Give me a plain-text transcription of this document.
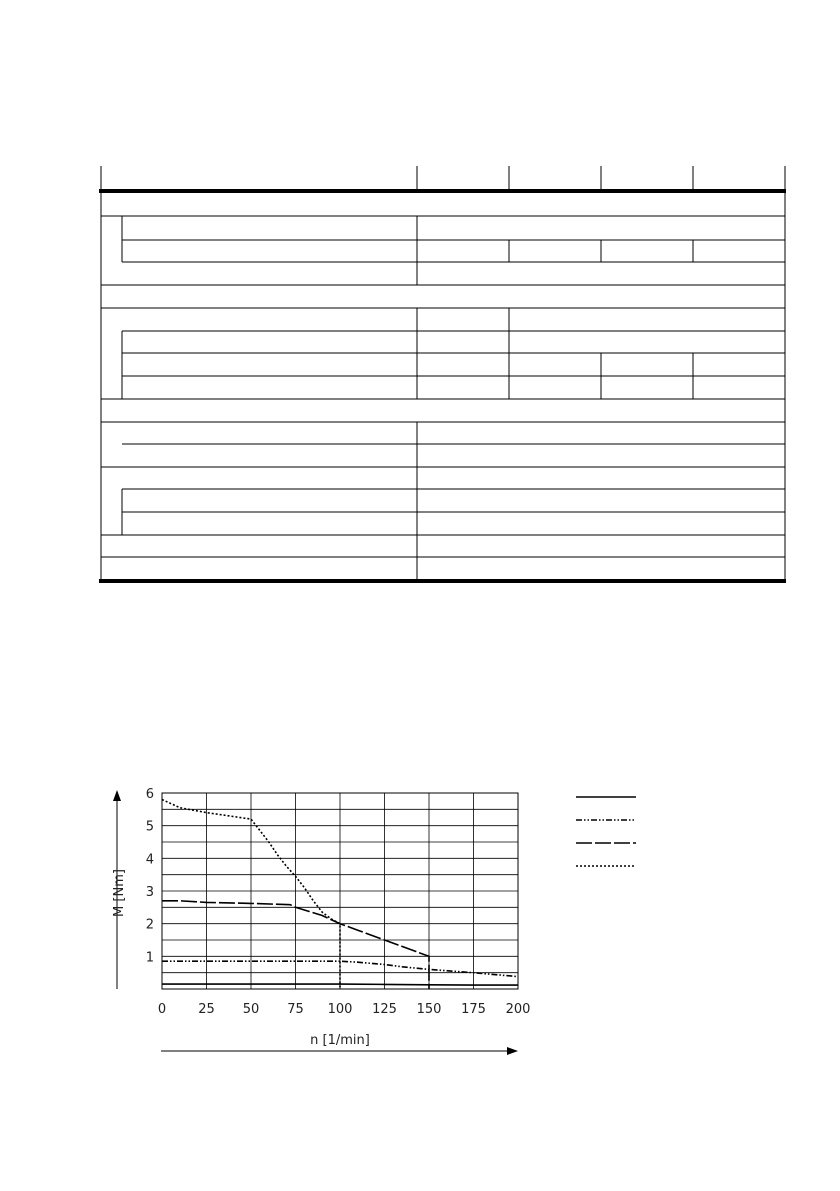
0 25 50 75 100 125 150 175 200
1
2
3
4
5
6
M [Nm]
n [1/min]
